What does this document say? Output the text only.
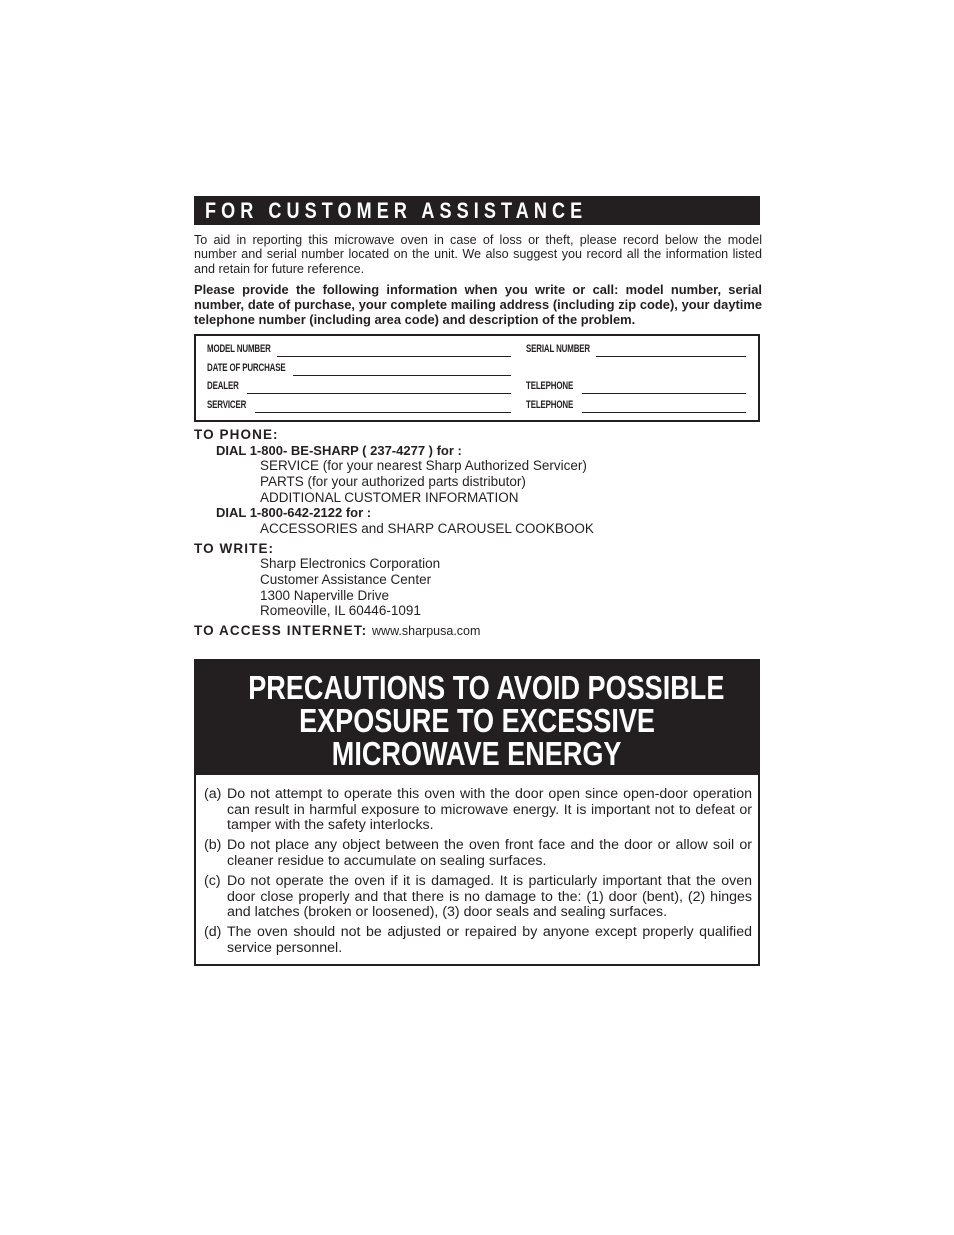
FOR CUSTOMER ASSISTANCE
To aid in reporting this microwave oven in case of loss or theft, please record below the model number and serial number located on the unit. We also suggest you record all the information listed and retain for future reference.
Please provide the following information when you write or call: model number, serial number, date of purchase, your complete mailing address (including zip code), your daytime telephone number (including area code) and description of the problem.
MODEL NUMBER	SERIAL NUMBER
DATE OF PURCHASE
DEALER	TELEPHONE
SERVICER	TELEPHONE
TO PHONE:
DIAL 1-800- BE-SHARP ( 237-4277 ) for :
SERVICE (for your nearest Sharp Authorized Servicer)
PARTS (for your authorized parts distributor)
ADDITIONAL CUSTOMER INFORMATION
DIAL 1-800-642-2122 for :
ACCESSORIES and SHARP CAROUSEL COOKBOOK
TO WRITE:
Sharp Electronics Corporation
Customer Assistance Center
1300 Naperville Drive
Romeoville, IL 60446-1091
TO ACCESS INTERNET: www.sharpusa.com
PRECAUTIONS TO AVOID POSSIBLE
EXPOSURE TO EXCESSIVE
MICROWAVE ENERGY
(a) Do not attempt to operate this oven with the door open since open-door operation can result in harmful exposure to microwave energy. It is important not to defeat or tamper with the safety interlocks.
(b) Do not place any object between the oven front face and the door or allow soil or cleaner residue to accumulate on sealing surfaces.
(c) Do not operate the oven if it is damaged. It is particularly important that the oven door close properly and that there is no damage to the: (1) door (bent), (2) hinges and latches (broken or loosened), (3) door seals and sealing surfaces.
(d) The oven should not be adjusted or repaired by anyone except properly qualified service personnel.
